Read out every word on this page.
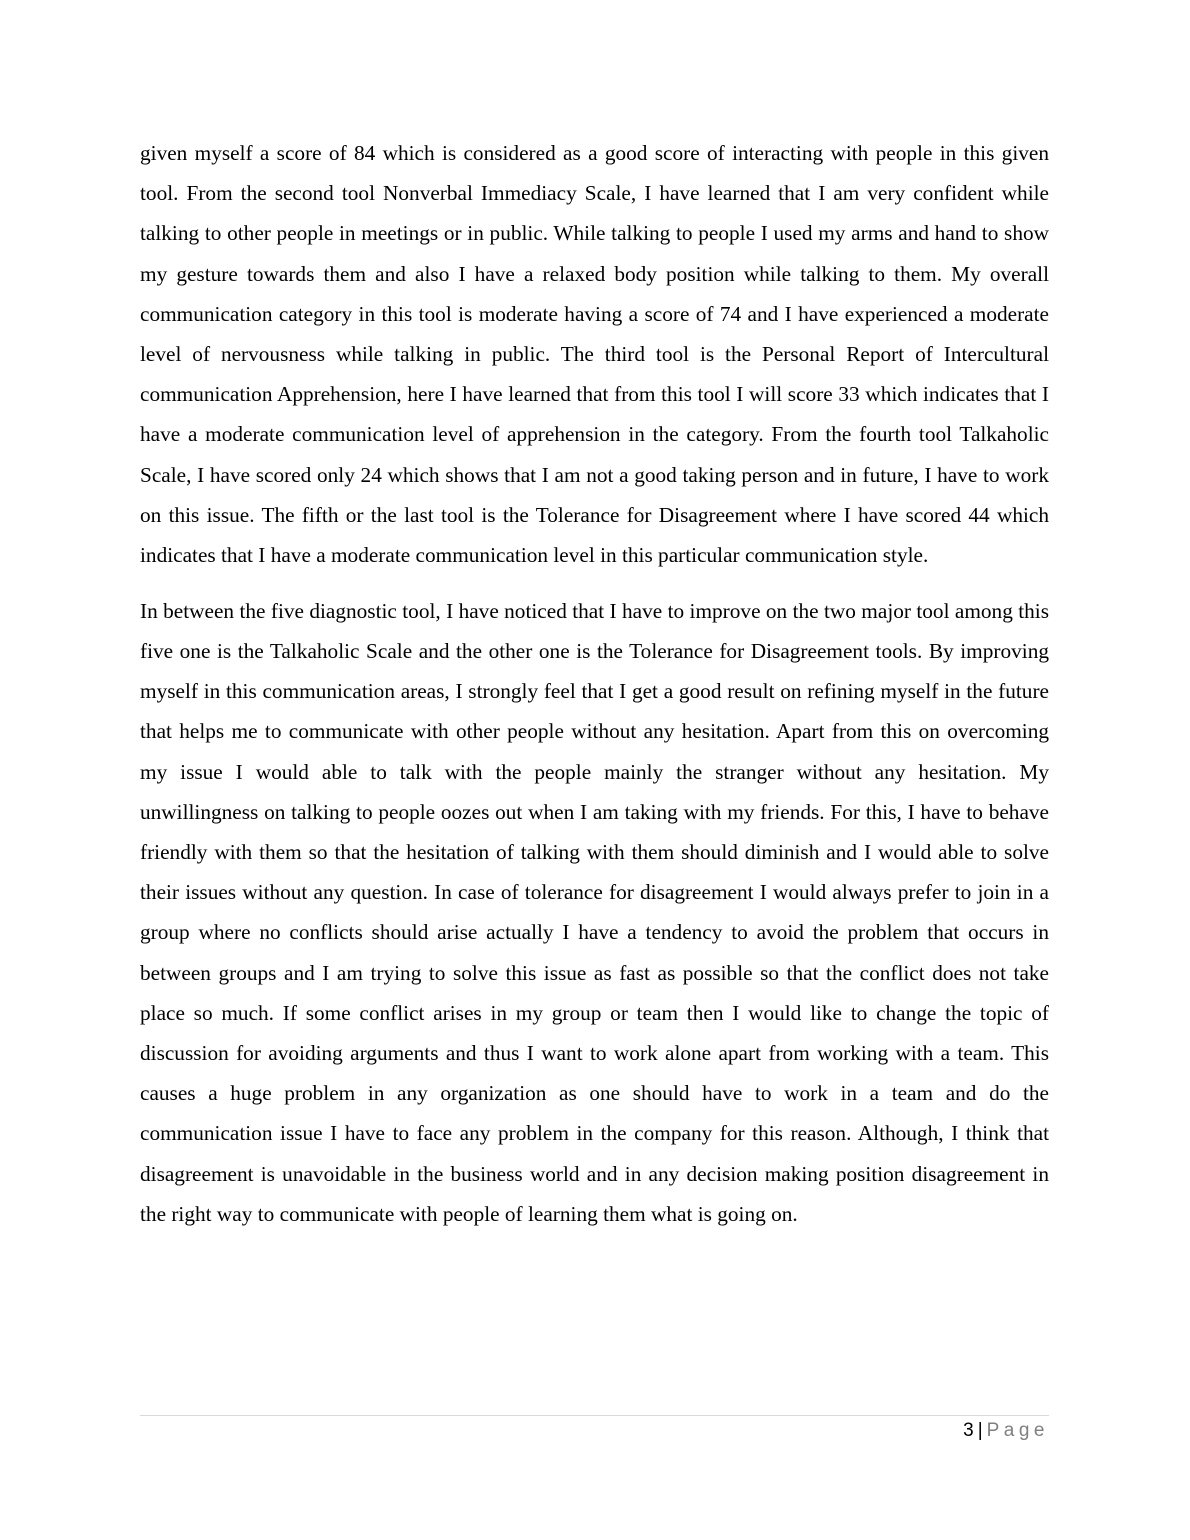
given myself a score of 84 which is considered as a good score of interacting with people in this given tool. From the second tool Nonverbal Immediacy Scale, I have learned that I am very confident while talking to other people in meetings or in public. While talking to people I used my arms and hand to show my gesture towards them and also I have a relaxed body position while talking to them. My overall communication category in this tool is moderate having a score of 74 and I have experienced a moderate level of nervousness while talking in public. The third tool is the Personal Report of Intercultural communication Apprehension, here I have learned that from this tool I will score 33 which indicates that I have a moderate communication level of apprehension in the category. From the fourth tool Talkaholic Scale, I have scored only 24 which shows that I am not a good taking person and in future, I have to work on this issue. The fifth or the last tool is the Tolerance for Disagreement where I have scored 44 which indicates that I have a moderate communication level in this particular communication style.

In between the five diagnostic tool, I have noticed that I have to improve on the two major tool among this five one is the Talkaholic Scale and the other one is the Tolerance for Disagreement tools. By improving myself in this communication areas, I strongly feel that I get a good result on refining myself in the future that helps me to communicate with other people without any hesitation. Apart from this on overcoming my issue I would able to talk with the people mainly the stranger without any hesitation. My unwillingness on talking to people oozes out when I am taking with my friends. For this, I have to behave friendly with them so that the hesitation of talking with them should diminish and I would able to solve their issues without any question. In case of tolerance for disagreement I would always prefer to join in a group where no conflicts should arise actually I have a tendency to avoid the problem that occurs in between groups and I am trying to solve this issue as fast as possible so that the conflict does not take place so much. If some conflict arises in my group or team then I would like to change the topic of discussion for avoiding arguments and thus I want to work alone apart from working with a team. This causes a huge problem in any organization as one should have to work in a team and do the communication issue I have to face any problem in the company for this reason. Although, I think that disagreement is unavoidable in the business world and in any decision making position disagreement in the right way to communicate with people of learning them what is going on.

3 | Page
